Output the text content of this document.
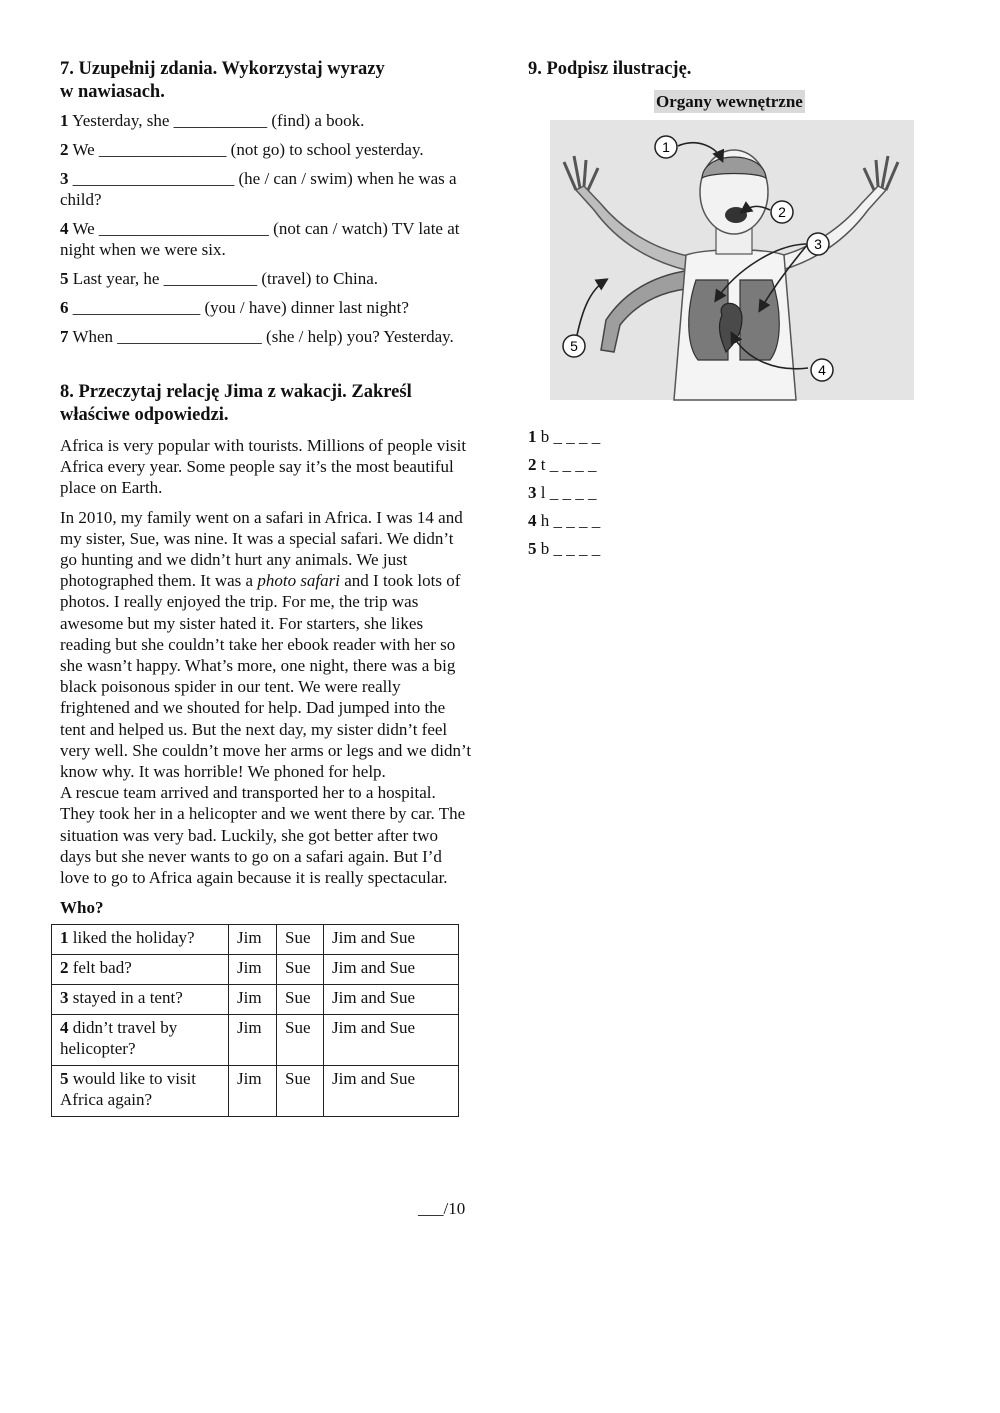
7. Uzupełnij zdania. Wykorzystaj wyrazy
w nawiasach.

1 Yesterday, she ___________ (find) a book.

2 We _______________ (not go) to school yesterday.

3 ___________________ (he / can / swim) when he was a child?

4 We ____________________ (not can / watch) TV late at night when we were six.

5 Last year, he ___________ (travel) to China.

6 _______________ (you / have) dinner last night?

7 When _________________ (she / help) you? Yesterday.

8. Przeczytaj relację Jima z wakacji. Zakreśl
właściwe odpowiedzi.

Africa is very popular with tourists. Millions of people visit Africa every year. Some people say it’s the most beautiful place on Earth.

In 2010, my family went on a safari in Africa. I was 14 and my sister, Sue, was nine. It was a special safari. We didn’t go hunting and we didn’t hurt any animals. We just photographed them. It was a photo safari and I took lots of photos. I really enjoyed the trip. For me, the trip was awesome but my sister hated it. For starters, she likes reading but she couldn’t take her ebook reader with her so she wasn’t happy. What’s more, one night, there was a big black poisonous spider in our tent. We were really frightened and we shouted for help. Dad jumped into the tent and helped us. But the next day, my sister didn’t feel very well. She couldn’t move her arms or legs and we didn’t know why. It was horrible! We phoned for help.

A rescue team arrived and transported her to a hospital. They took her in a helicopter and we went there by car. The situation was very bad. Luckily, she got better after two days but she never wants to go on a safari again. But I’d love to go to Africa again because it is really spectacular.

Who?
1 liked the holiday?	Jim	Sue	Jim and Sue
2 felt bad?	Jim	Sue	Jim and Sue
3 stayed in a tent?	Jim	Sue	Jim and Sue
4 didn’t travel by helicopter?	Jim	Sue	Jim and Sue
5 would like to visit Africa again?	Jim	Sue	Jim and Sue
___/10
9. Podpisz ilustrację.
Organy wewnętrzne
1
2
3
4
5

1 b _ _ _ _

2 t _ _ _ _

3 l _ _ _ _

4 h _ _ _ _

5 b _ _ _ _
